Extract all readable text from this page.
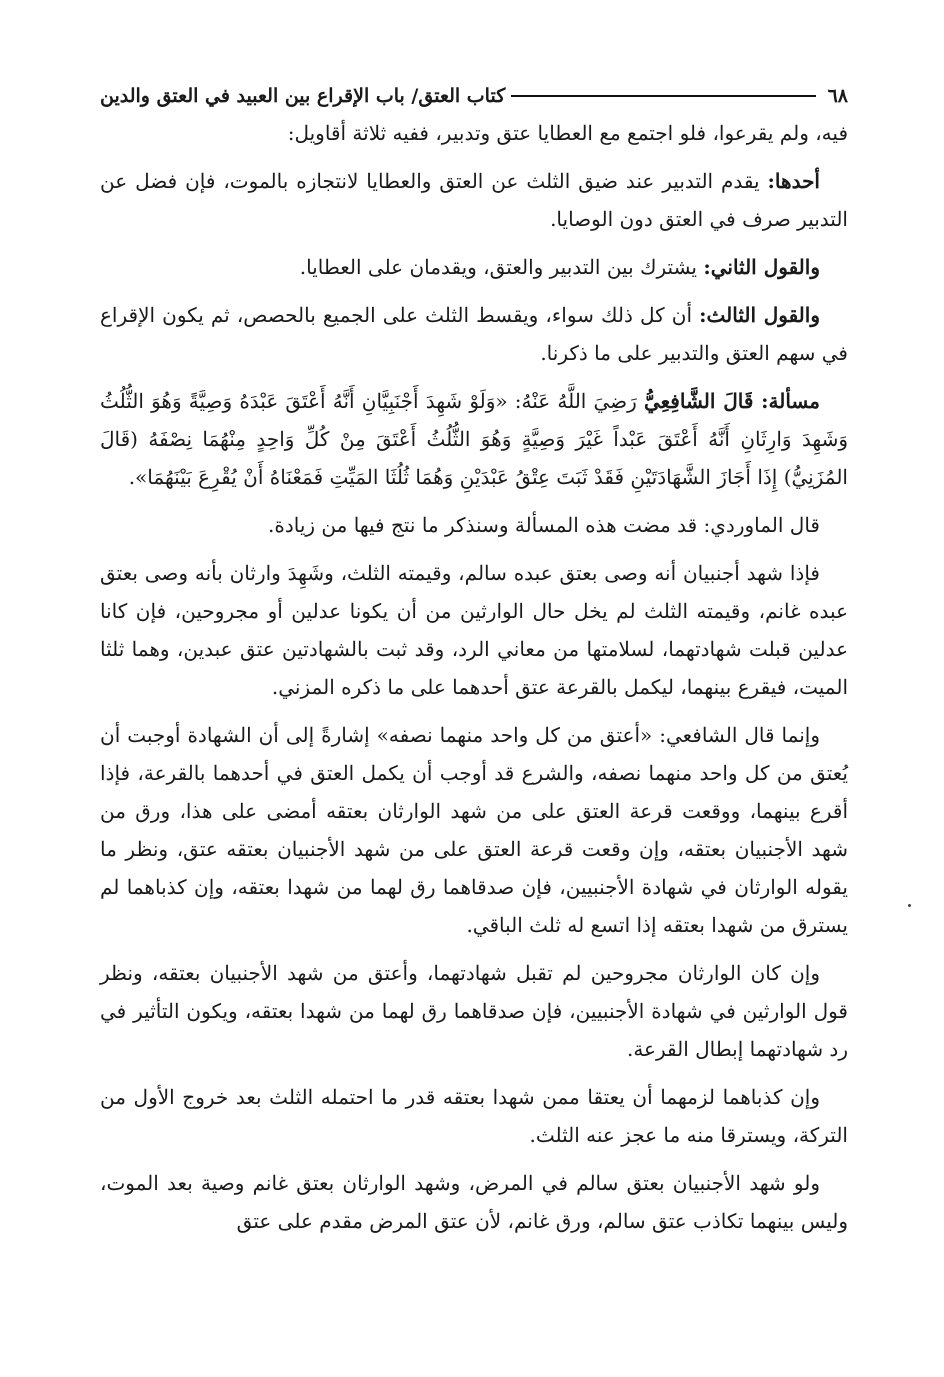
٦٨
كتاب العتق/ باب الإقراع بين العبيد في العتق والدين

فيه، ولم يقرعوا، فلو اجتمع مع العطايا عتق وتدبير، ففيه ثلاثة أقاويل:

أحدها: يقدم التدبير عند ضيق الثلث عن العتق والعطايا لانتجازه بالموت، فإن فضل عن التدبير صرف في العتق دون الوصايا.

والقول الثاني: يشترك بين التدبير والعتق، ويقدمان على العطايا.

والقول الثالث: أن كل ذلك سواء، ويقسط الثلث على الجميع بالحصص، ثم يكون الإقراع في سهم العتق والتدبير على ما ذكرنا.

مسألة: قَالَ الشَّافِعِيُّ رَضِيَ اللَّهُ عَنْهُ: «وَلَوْ شَهِدَ أَجْنَبِيَّانِ أَنَّهُ أَعْتَقَ عَبْدَهُ وَصِيَّةً وَهُوَ الثُّلُثُ وَشَهِدَ وَارِثَانِ أَنَّهُ أَعْتَقَ عَبْداً غَيْرَ وَصِيَّةٍ وَهُوَ الثُّلُثُ أَعْتَقَ مِنْ كُلِّ وَاحِدٍ مِنْهُمَا نِصْفَهُ (قَالَ المُزَنِيُّ) إِذَا أَجَازَ الشَّهَادَتَيْنِ فَقَدْ ثَبَتَ عِتْقُ عَبْدَيْنِ وَهُمَا ثُلُثَا المَيِّتِ فَمَعْنَاهُ أَنْ يُقْرِعَ بَيْنَهُمَا».

قال الماوردي: قد مضت هذه المسألة وسنذكر ما نتج فيها من زيادة.

فإذا شهد أجنبيان أنه وصى بعتق عبده سالم، وقيمته الثلث، وشَهِدَ وارثان بأنه وصى بعتق عبده غانم، وقيمته الثلث لم يخل حال الوارثين من أن يكونا عدلين أو مجروحين، فإن كانا عدلين قبلت شهادتهما، لسلامتها من معاني الرد، وقد ثبت بالشهادتين عتق عبدين، وهما ثلثا الميت، فيقرع بينهما، ليكمل بالقرعة عتق أحدهما على ما ذكره المزني.

وإنما قال الشافعي: «أعتق من كل واحد منهما نصفه» إشارةً إلى أن الشهادة أوجبت أن يُعتق من كل واحد منهما نصفه، والشرع قد أوجب أن يكمل العتق في أحدهما بالقرعة، فإذا أقرع بينهما، ووقعت قرعة العتق على من شهد الوارثان بعتقه أمضى على هذا، ورق من شهد الأجنبيان بعتقه، وإن وقعت قرعة العتق على من شهد الأجنبيان بعتقه عتق، ونظر ما يقوله الوارثان في شهادة الأجنبيين، فإن صدقاهما رق لهما من شهدا بعتقه، وإن كذباهما لم يسترق من شهدا بعتقه إذا اتسع له ثلث الباقي.

وإن كان الوارثان مجروحين لم تقبل شهادتهما، وأعتق من شهد الأجنبيان بعتقه، ونظر قول الوارثين في شهادة الأجنبيين، فإن صدقاهما رق لهما من شهدا بعتقه، ويكون التأثير في رد شهادتهما إبطال القرعة.

وإن كذباهما لزمهما أن يعتقا ممن شهدا بعتقه قدر ما احتمله الثلث بعد خروج الأول من التركة، ويسترقا منه ما عجز عنه الثلث.

ولو شهد الأجنبيان بعتق سالم في المرض، وشهد الوارثان بعتق غانم وصية بعد الموت، وليس بينهما تكاذب عتق سالم، ورق غانم، لأن عتق المرض مقدم على عتق
